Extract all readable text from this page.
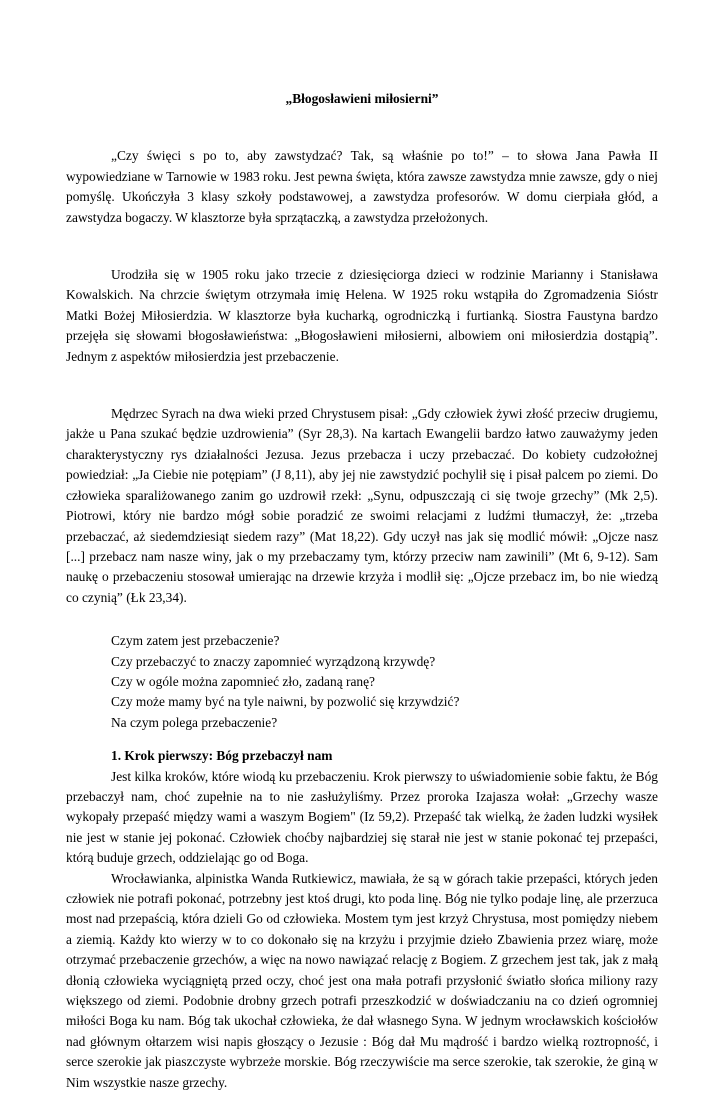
„Błogosławieni miłosierni”

„Czy święci s po to, aby zawstydzać? Tak, są właśnie po to!” – to słowa Jana Pawła II wypowiedziane w Tarnowie w 1983 roku. Jest pewna święta, która zawsze zawstydza mnie zawsze, gdy o niej pomyślę. Ukończyła 3 klasy szkoły podstawowej, a zawstydza profesorów. W domu cierpiała głód, a zawstydza bogaczy. W klasztorze była sprzątaczką, a zawstydza przełożonych.

Urodziła się w 1905 roku jako trzecie z dziesięciorga dzieci w rodzinie Marianny i Stanisława Kowalskich. Na chrzcie świętym otrzymała imię Helena. W 1925 roku wstąpiła do Zgromadzenia Sióstr Matki Bożej Miłosierdzia. W klasztorze była kucharką, ogrodniczką i furtianką. Siostra Faustyna bardzo przejęła się słowami błogosławieństwa: „Błogosławieni miłosierni, albowiem oni miłosierdzia dostąpią”. Jednym z aspektów miłosierdzia jest przebaczenie.

Mędrzec Syrach na dwa wieki przed Chrystusem pisał: „Gdy człowiek żywi złość przeciw drugiemu, jakże u Pana szukać będzie uzdrowienia” (Syr 28,3). Na kartach Ewangelii bardzo łatwo zauważymy jeden charakterystyczny rys działalności Jezusa. Jezus przebacza i uczy przebaczać. Do kobiety cudzołożnej powiedział: „Ja Ciebie nie potępiam” (J 8,11), aby jej nie zawstydzić pochylił się i pisał palcem po ziemi. Do człowieka sparaliżowanego zanim go uzdrowił rzekł: „Synu, odpuszczają ci się twoje grzechy” (Mk 2,5). Piotrowi, który nie bardzo mógł sobie poradzić ze swoimi relacjami z ludźmi tłumaczył, że: „trzeba przebaczać, aż siedemdziesiąt siedem razy” (Mat 18,22). Gdy uczył nas jak się modlić mówił: „Ojcze nasz [...] przebacz nam nasze winy, jak o my przebaczamy tym, którzy przeciw nam zawinili” (Mt 6, 9-12). Sam naukę o przebaczeniu stosował umierając na drzewie krzyża i modlił się: „Ojcze przebacz im, bo nie wiedzą co czynią” (Łk 23,34).

Czym zatem jest przebaczenie?
Czy przebaczyć to znaczy zapomnieć wyrządzoną krzywdę?
Czy w ogóle można zapomnieć zło, zadaną ranę?
Czy może mamy być na tyle naiwni, by pozwolić się krzywdzić?
Na czym polega przebaczenie?

1. Krok pierwszy: Bóg przebaczył nam

Jest kilka kroków, które wiodą ku przebaczeniu. Krok pierwszy to uświadomienie sobie faktu, że Bóg przebaczył nam, choć zupełnie na to nie zasłużyliśmy. Przez proroka Izajasza wołał: „Grzechy wasze wykopały przepaść między wami a waszym Bogiem" (Iz 59,2). Przepaść tak wielką, że żaden ludzki wysiłek nie jest w stanie jej pokonać. Człowiek choćby najbardziej się starał nie jest w stanie pokonać tej przepaści, którą buduje grzech, oddzielając go od Boga.

Wrocławianka, alpinistka Wanda Rutkiewicz, mawiała, że są w górach takie przepaści, których jeden człowiek nie potrafi pokonać, potrzebny jest ktoś drugi, kto poda linę. Bóg nie tylko podaje linę, ale przerzuca most nad przepaścią, która dzieli Go od człowieka. Mostem tym jest krzyż Chrystusa, most pomiędzy niebem a ziemią. Każdy kto wierzy w to co dokonało się na krzyżu i przyjmie dzieło Zbawienia przez wiarę, może otrzymać przebaczenie grzechów, a więc na nowo nawiązać relację z Bogiem. Z grzechem jest tak, jak z małą dłonią człowieka wyciągniętą przed oczy, choć jest ona mała potrafi przysłonić światło słońca miliony razy większego od ziemi. Podobnie drobny grzech potrafi przeszkodzić w doświadczaniu na co dzień ogromniej miłości Boga ku nam. Bóg tak ukochał człowieka, że dał własnego Syna. W jednym wrocławskich kościołów nad głównym ołtarzem wisi napis głoszący o Jezusie : Bóg dał Mu mądrość i bardzo wielką roztropność, i serce szerokie jak piaszczyste wybrzeże morskie. Bóg rzeczywiście ma serce szerokie, tak szerokie, że giną w Nim wszystkie nasze grzechy.
